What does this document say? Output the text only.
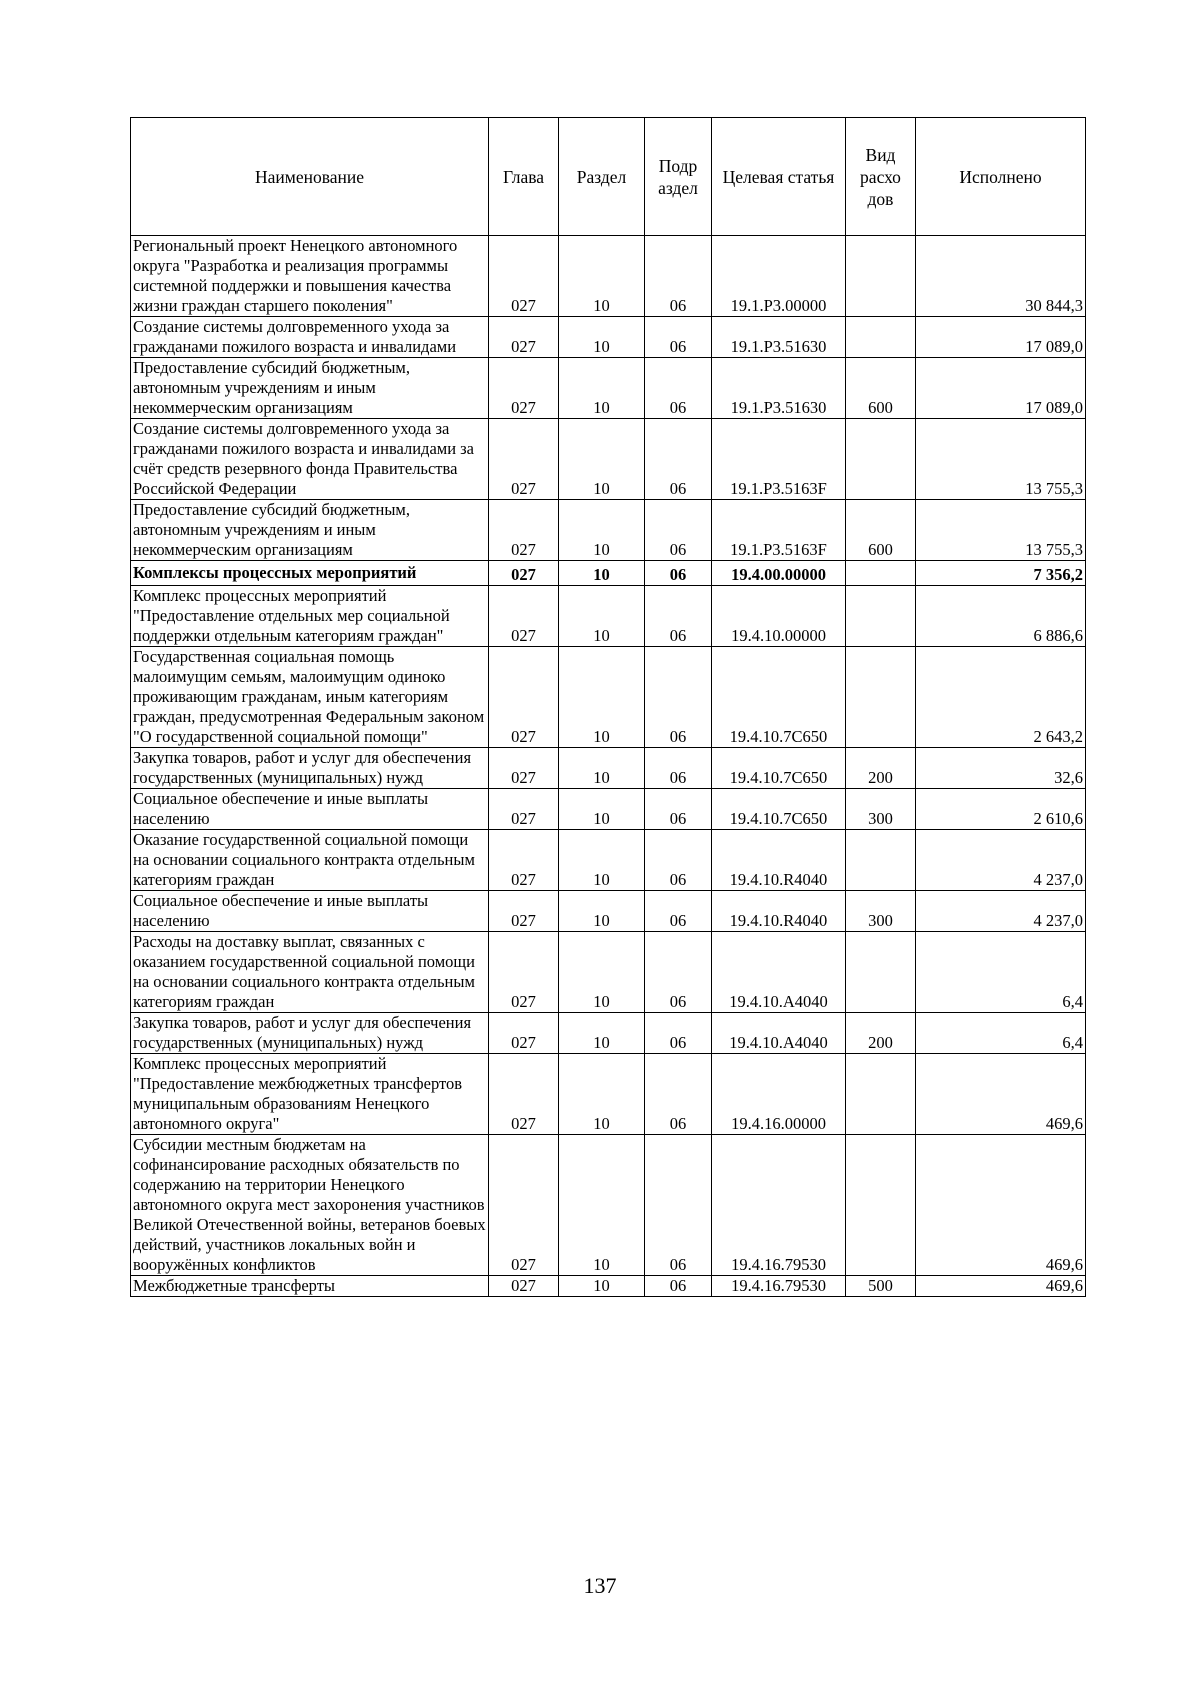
Наименование	Глава	Раздел	Подр аздел	Целевая статья	Вид расхо дов	Исполнено
Региональный проект Ненецкого автономного округа "Разработка и реализация программы системной поддержки и повышения качества жизни граждан старшего поколения"	027	10	06	19.1.P3.00000		30 844,3
Создание системы долговременного ухода за гражданами пожилого возраста и инвалидами	027	10	06	19.1.P3.51630		17 089,0
Предоставление субсидий бюджетным, автономным учреждениям и иным некоммерческим организациям	027	10	06	19.1.P3.51630	600	17 089,0
Создание системы долговременного ухода за гражданами пожилого возраста и инвалидами за счёт средств резервного фонда Правительства Российской Федерации	027	10	06	19.1.P3.5163F		13 755,3
Предоставление субсидий бюджетным, автономным учреждениям и иным некоммерческим организациям	027	10	06	19.1.P3.5163F	600	13 755,3
Комплексы процессных мероприятий	027	10	06	19.4.00.00000		7 356,2
Комплекс процессных мероприятий "Предоставление отдельных мер социальной поддержки отдельным категориям граждан"	027	10	06	19.4.10.00000		6 886,6
Государственная социальная помощь малоимущим семьям, малоимущим одиноко проживающим гражданам, иным категориям граждан, предусмотренная Федеральным законом "О государственной социальной помощи"	027	10	06	19.4.10.7C650		2 643,2
Закупка товаров, работ и услуг для обеспечения государственных (муниципальных) нужд	027	10	06	19.4.10.7C650	200	32,6
Социальное обеспечение и иные выплаты населению	027	10	06	19.4.10.7C650	300	2 610,6
Оказание государственной социальной помощи на основании социального контракта отдельным категориям граждан	027	10	06	19.4.10.R4040		4 237,0
Социальное обеспечение и иные выплаты населению	027	10	06	19.4.10.R4040	300	4 237,0
Расходы на доставку выплат, связанных с оказанием государственной социальной помощи на основании социального контракта отдельным категориям граждан	027	10	06	19.4.10.A4040		6,4
Закупка товаров, работ и услуг для обеспечения государственных (муниципальных) нужд	027	10	06	19.4.10.A4040	200	6,4
Комплекс процессных мероприятий "Предоставление межбюджетных трансфертов муниципальным образованиям Ненецкого автономного округа"	027	10	06	19.4.16.00000		469,6
Субсидии местным бюджетам на софинансирование расходных обязательств по содержанию на территории Ненецкого автономного округа мест захоронения участников Великой Отечественной войны, ветеранов боевых действий, участников локальных войн и вооружённых конфликтов	027	10	06	19.4.16.79530		469,6
Межбюджетные трансферты	027	10	06	19.4.16.79530	500	469,6
137
